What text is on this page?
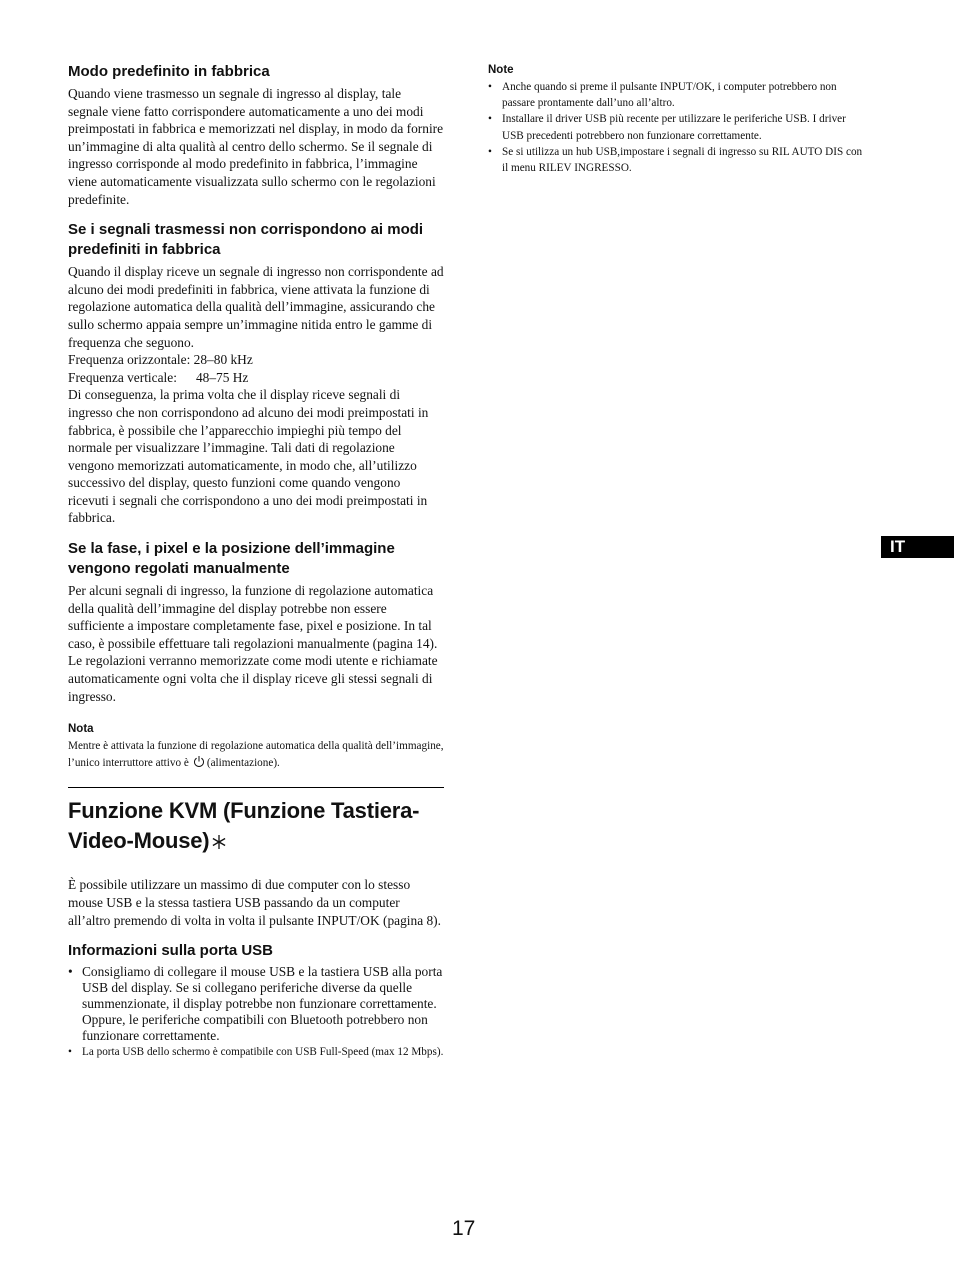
Modo predefinito in fabbrica

Quando viene trasmesso un segnale di ingresso al display, tale segnale viene fatto corrispondere automaticamente a uno dei modi preimpostati in fabbrica e memorizzati nel display, in modo da fornire un’immagine di alta qualità al centro dello schermo. Se il segnale di ingresso corrisponde al modo predefinito in fabbrica, l’immagine viene automaticamente visualizzata sullo schermo con le regolazioni predefinite.

Se i segnali trasmessi non corrispondono ai modi predefiniti in fabbrica

Quando il display riceve un segnale di ingresso non corrispondente ad alcuno dei modi predefiniti in fabbrica, viene attivata la funzione di regolazione automatica della qualità dell’immagine, assicurando che sullo schermo appaia sempre un’immagine nitida entro le gamme di frequenza che seguono.

Frequenza orizzontale: 28–80 kHz

Frequenza verticale: 48–75 Hz

Di conseguenza, la prima volta che il display riceve segnali di ingresso che non corrispondono ad alcuno dei modi preimpostati in fabbrica, è possibile che l’apparecchio impieghi più tempo del normale per visualizzare l’immagine. Tali dati di regolazione vengono memorizzati automaticamente, in modo che, all’utilizzo successivo del display, questo funzioni come quando vengono ricevuti i segnali che corrispondono a uno dei modi preimpostati in fabbrica.

Se la fase, i pixel e la posizione dell’immagine vengono regolati manualmente

Per alcuni segnali di ingresso, la funzione di regolazione automatica della qualità dell’immagine del display potrebbe non essere sufficiente a impostare completamente fase, pixel e posizione. In tal caso, è possibile effettuare tali regolazioni manualmente (pagina 14). Le regolazioni verranno memorizzate come modi utente e richiamate automaticamente ogni volta che il display riceve gli stessi segnali di ingresso.

Nota

Mentre è attivata la funzione di regolazione automatica della qualità dell’immagine, l’unico interruttore attivo è (alimentazione).

Funzione KVM (Funzione Tastiera-Video-Mouse)

È possibile utilizzare un massimo di due computer con lo stesso mouse USB e la stessa tastiera USB passando da un computer all’altro premendo di volta in volta il pulsante INPUT/OK (pagina 8).

Informazioni sulla porta USB
• Consigliamo di collegare il mouse USB e la tastiera USB alla porta USB del display. Se si collegano periferiche diverse da quelle summenzionate, il display potrebbe non funzionare correttamente. Oppure, le periferiche compatibili con Bluetooth potrebbero non funzionare correttamente.
• La porta USB dello schermo è compatibile con USB Full-Speed (max 12 Mbps).
Note
• Anche quando si preme il pulsante INPUT/OK, i computer potrebbero non passare prontamente dall’uno all’altro.
• Installare il driver USB più recente per utilizzare le periferiche USB. I driver USB precedenti potrebbero non funzionare correttamente.
• Se si utilizza un hub USB,impostare i segnali di ingresso su RIL AUTO DIS con il menu RILEV INGRESSO.
IT
17
